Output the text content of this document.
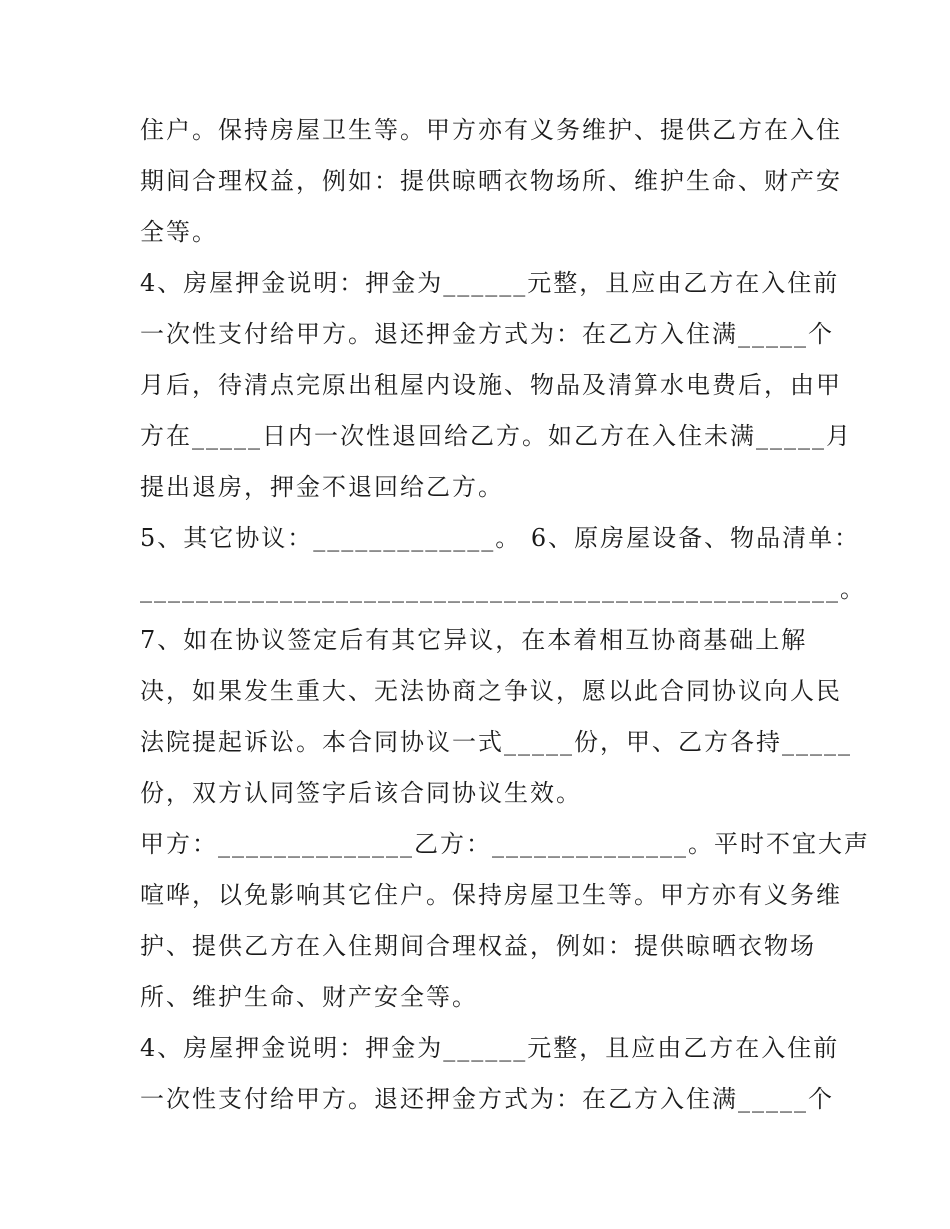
住户。保持房屋卫生等。甲方亦有义务维护、提供乙方在入住

期间合理权益，例如：提供晾晒衣物场所、维护生命、财产安

全等。

4、房屋押金说明：押金为______元整，且应由乙方在入住前

一次性支付给甲方。退还押金方式为：在乙方入住满_____个

月后，待清点完原出租屋内设施、物品及清算水电费后，由甲

方在_____日内一次性退回给乙方。如乙方在入住未满_____月

提出退房，押金不退回给乙方。

5、其它协议：_____________。 6、原房屋设备、物品清单：

__________________________________________________。

7、如在协议签定后有其它异议，在本着相互协商基础上解

决，如果发生重大、无法协商之争议，愿以此合同协议向人民

法院提起诉讼。本合同协议一式_____份，甲、乙方各持_____

份，双方认同签字后该合同协议生效。

甲方：______________乙方：______________。平时不宜大声

喧哗，以免影响其它住户。保持房屋卫生等。甲方亦有义务维

护、提供乙方在入住期间合理权益，例如：提供晾晒衣物场

所、维护生命、财产安全等。

4、房屋押金说明：押金为______元整，且应由乙方在入住前

一次性支付给甲方。退还押金方式为：在乙方入住满_____个
